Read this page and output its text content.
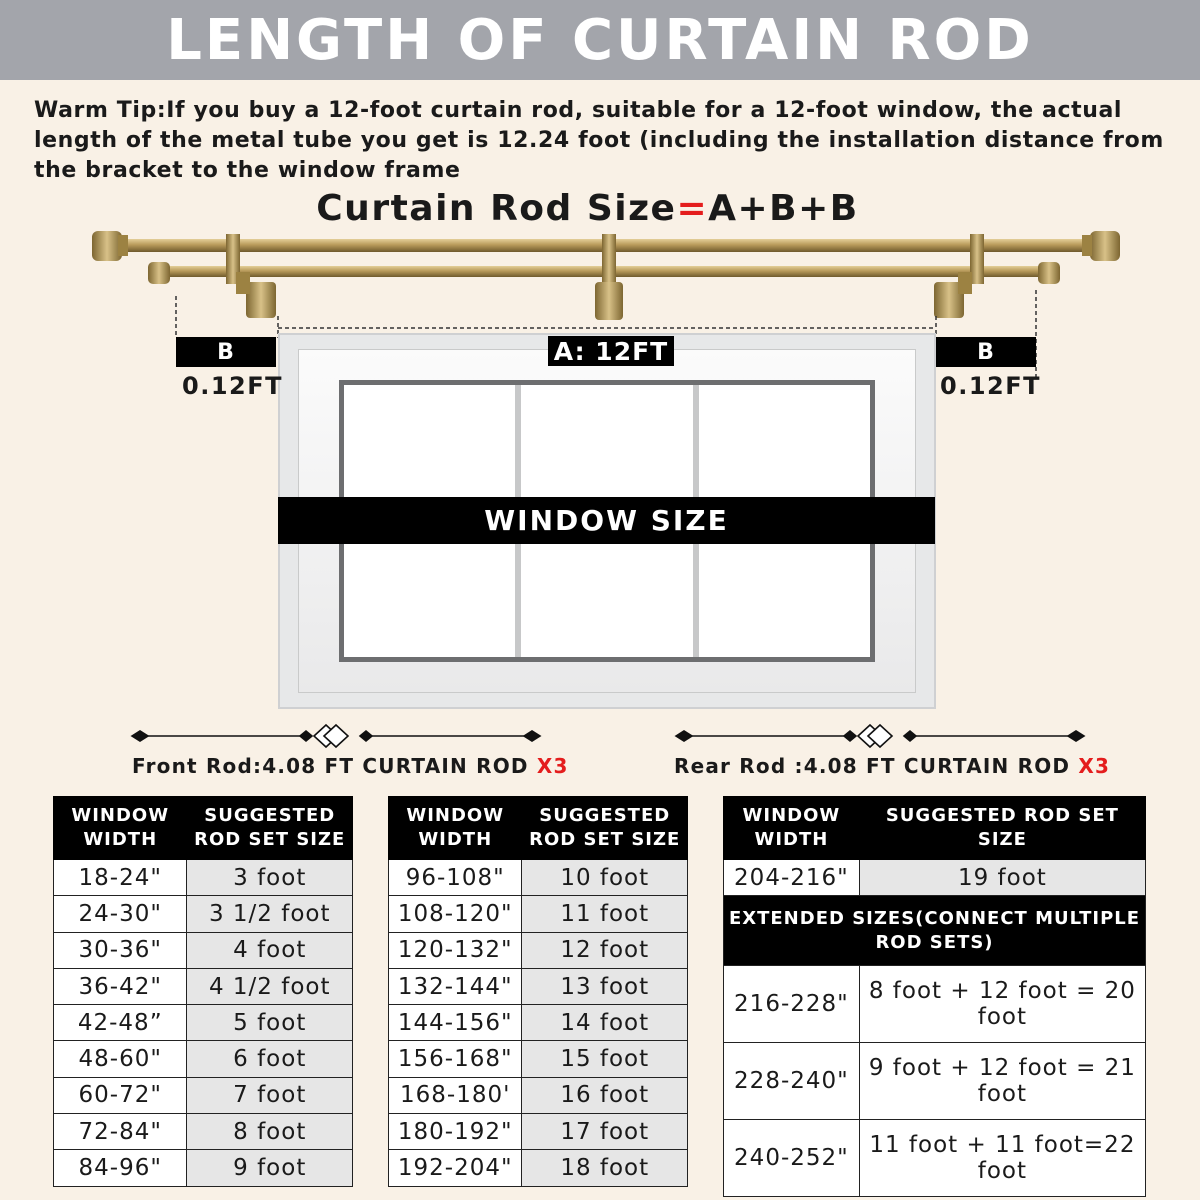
LENGTH OF CURTAIN ROD

Warm Tip:If you buy a 12-foot curtain rod, suitable for a 12-foot window, the actual length of the metal tube you get is 12.24 foot (including the installation distance from the bracket to the window frame

Curtain Rod Size=A+B+B
B	B
0.12FT	0.12FT
A: 12FT
WINDOW SIZE
Front Rod:4.08 FT CURTAIN ROD X3	Rear Rod :4.08 FT CURTAIN ROD X3
WINDOW WIDTH	SUGGESTED ROD SET SIZE
18-24"	3 foot
24-30"	3 1/2 foot
30-36"	4 foot
36-42"	4 1/2 foot
42-48”	5 foot
48-60"	6 foot
60-72"	7 foot
72-84"	8 foot
84-96"	9 foot
WINDOW WIDTH	SUGGESTED ROD SET SIZE
96-108"	10 foot
108-120"	11 foot
120-132"	12 foot
132-144"	13 foot
144-156"	14 foot
156-168"	15 foot
168-180'	16 foot
180-192"	17 foot
192-204"	18 foot
WINDOW WIDTH	SUGGESTED ROD SET SIZE
204-216"	19 foot
EXTENDED SIZES(CONNECT MULTIPLE ROD SETS)	
216-228"	8 foot + 12 foot = 20 foot
228-240"	9 foot + 12 foot = 21 foot
240-252"	11 foot + 11 foot=22 foot
